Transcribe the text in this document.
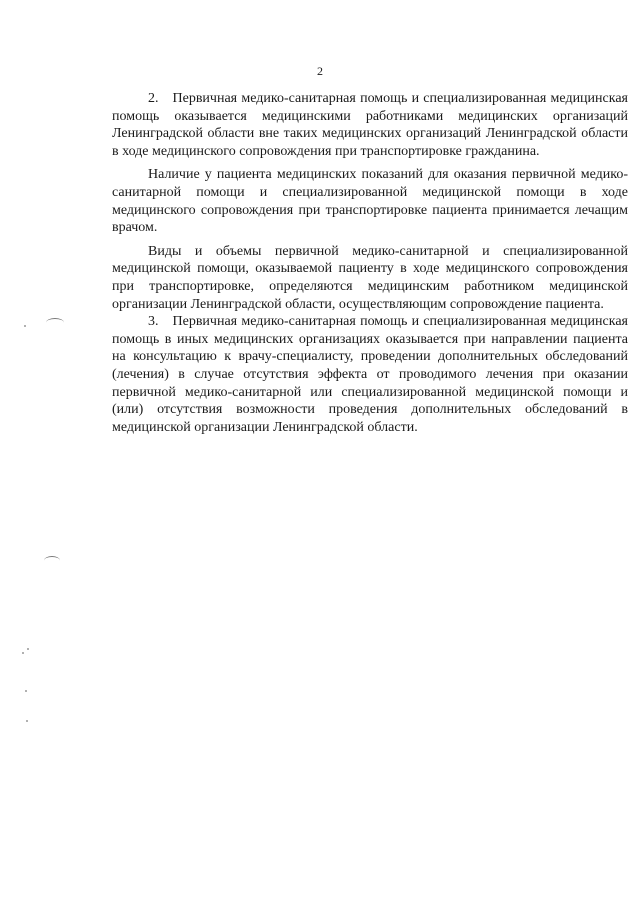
2

2. Первичная медико-санитарная помощь и специализированная медицинская помощь оказывается медицинскими работниками медицинских организаций Ленинградской области вне таких медицинских организаций Ленинградской области в ходе медицинского сопровождения при транспортировке гражданина.

Наличие у пациента медицинских показаний для оказания первичной медико-санитарной помощи и специализированной медицинской помощи в ходе медицинского сопровождения при транспортировке пациента принимается лечащим врачом.

Виды и объемы первичной медико-санитарной и специализированной медицинской помощи, оказываемой пациенту в ходе медицинского сопровождения при транспортировке, определяются медицинским работником медицинской организации Ленинградской области, осуществляющим сопровождение пациента.

3. Первичная медико-санитарная помощь и специализированная медицинская помощь в иных медицинских организациях оказывается при направлении пациента на консультацию к врачу-специалисту, проведении дополнительных обследований (лечения) в случае отсутствия эффекта от проводимого лечения при оказании первичной медико-санитарной или специализированной медицинской помощи и (или) отсутствия возможности проведения дополнительных обследований в медицинской организации Ленинградской области.
